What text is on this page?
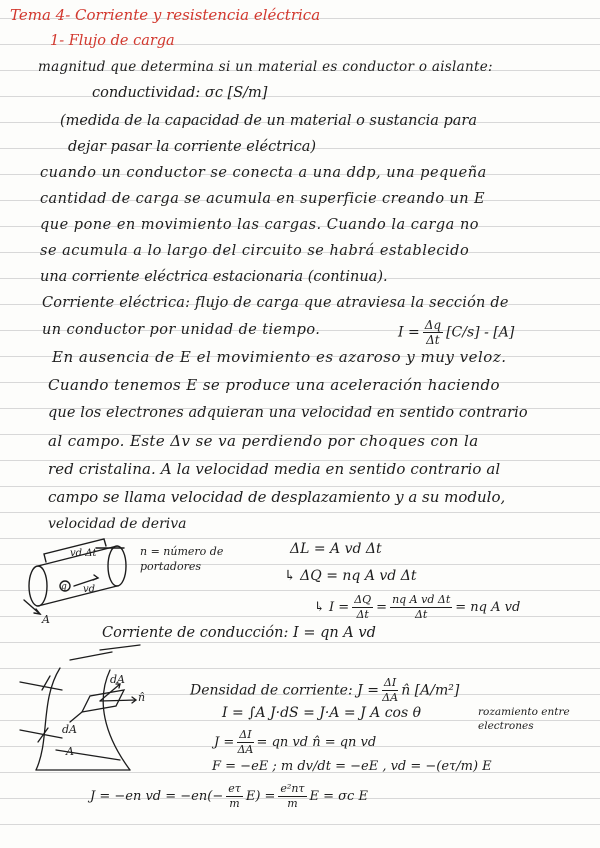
Tema 4- Corriente y resistencia eléctrica
1- Flujo de carga
magnitud que determina si un material es conductor o aislante:
conductividad: σc [S/m]
(medida de la capacidad de un material o sustancia para
dejar pasar la corriente eléctrica)
cuando un conductor se conecta a una ddp, una pequeña
cantidad de carga se acumula en superficie creando un E
que pone en movimiento las cargas. Cuando la carga no
se acumula a lo largo del circuito se habrá establecido
una corriente eléctrica estacionaria (continua).
Corriente eléctrica: flujo de carga que atraviesa la sección de
un conductor por unidad de tiempo.	$I = \frac{\Delta q}{\Delta t} [C/s] - [A]$
En ausencia de E el movimiento es azaroso y muy veloz.
Cuando tenemos E se produce una aceleración haciendo
que los electrones adquieran una velocidad en sentido contrario
al campo. Este Δv se va perdiendo por choques con la
red cristalina. A la velocidad media en sentido contrario al
campo se llama velocidad de desplazamiento y a su modulo,
velocidad de deriva
vd Δt	n = número de portadores
vd
q
A
ΔL = A vd Δt
↳ ΔQ = nq A vd Δt
↳ $I = \frac{\Delta Q}{\Delta t} = \frac{\text{nq A vd Δt}}{\Delta t}$ = nq A vd
Corriente de conducción: I = qn A vd
dA
n̂
dA
A
Densidad de corriente: $J = \frac{\Delta I}{\Delta A}$ n̂ [A/m²]
I = ∫A J·dS = J·A = J A cos θ	rozamiento entre electrones
$J = \frac{\Delta I}{\Delta A}$ = qn vd n̂ = qn vd
F = −eE ; m dv/dt = −eE , vd = −(eτ/m) E
J = −en vd = $-en(- \frac{e\tau}{m} E) = \frac{\text{e²nτ}}{m}$ E = σc E
